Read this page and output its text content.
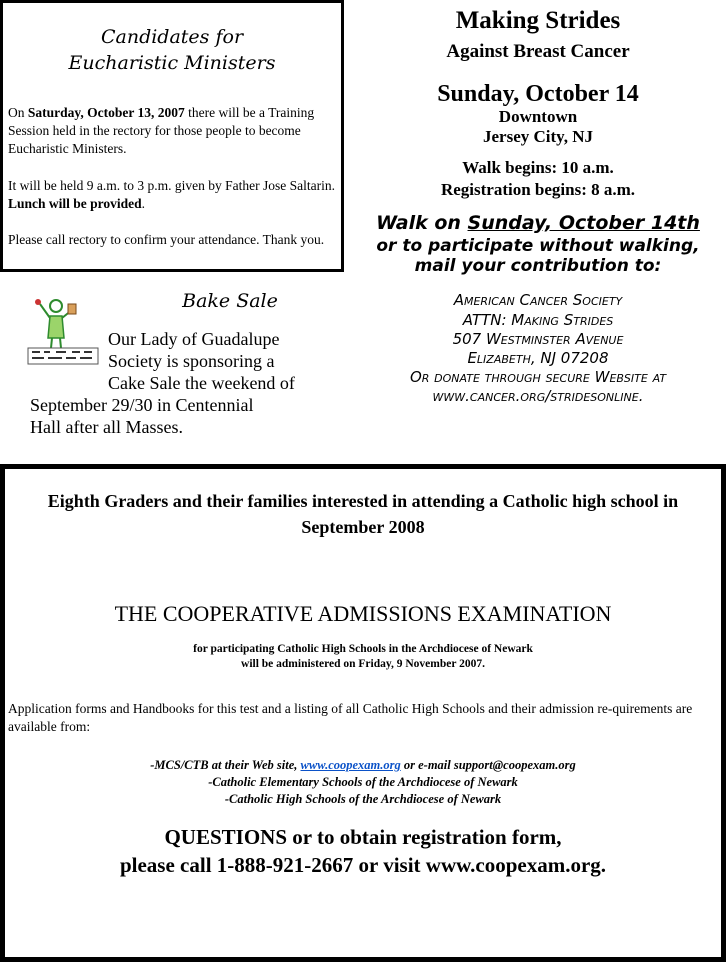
Candidates for
Eucharistic Ministers
On Saturday, October 13, 2007 there will be a Training Session held in the rectory for those people to become Eucharistic Ministers.
It will be held 9 a.m. to 3 p.m. given by Father Jose Saltarin. Lunch will be provided.
Please call rectory to confirm your attendance. Thank you.
Making Strides
Against Breast Cancer
Sunday, October 14
Downtown
Jersey City, NJ
Walk begins: 10 a.m.
Registration begins: 8 a.m.
Walk on Sunday, October 14th
or to participate without walking,
mail your contribution to:
American Cancer Society
ATTN: Making Strides
507 Westminster Avenue
Elizabeth, NJ 07208
Or donate through secure Website at
www.cancer.org/stridesonline.
Bake Sale
Our Lady of Guadalupe
Society is sponsoring a
Cake Sale the weekend of
September 29/30 in Centennial
Hall after all Masses.
Eighth Graders and their families interested in attending a Catholic high school in September 2008
THE COOPERATIVE ADMISSIONS EXAMINATION
for participating Catholic High Schools in the Archdiocese of Newark
will be administered on Friday, 9 November 2007.
Application forms and Handbooks for this test and a listing of all Catholic High Schools and their admission re-quirements are available from:
-MCS/CTB at their Web site, www.coopexam.org or e-mail support@coopexam.org
-Catholic Elementary Schools of the Archdiocese of Newark
-Catholic High Schools of the Archdiocese of Newark
QUESTIONS or to obtain registration form,
please call 1-888-921-2667 or visit www.coopexam.org.
